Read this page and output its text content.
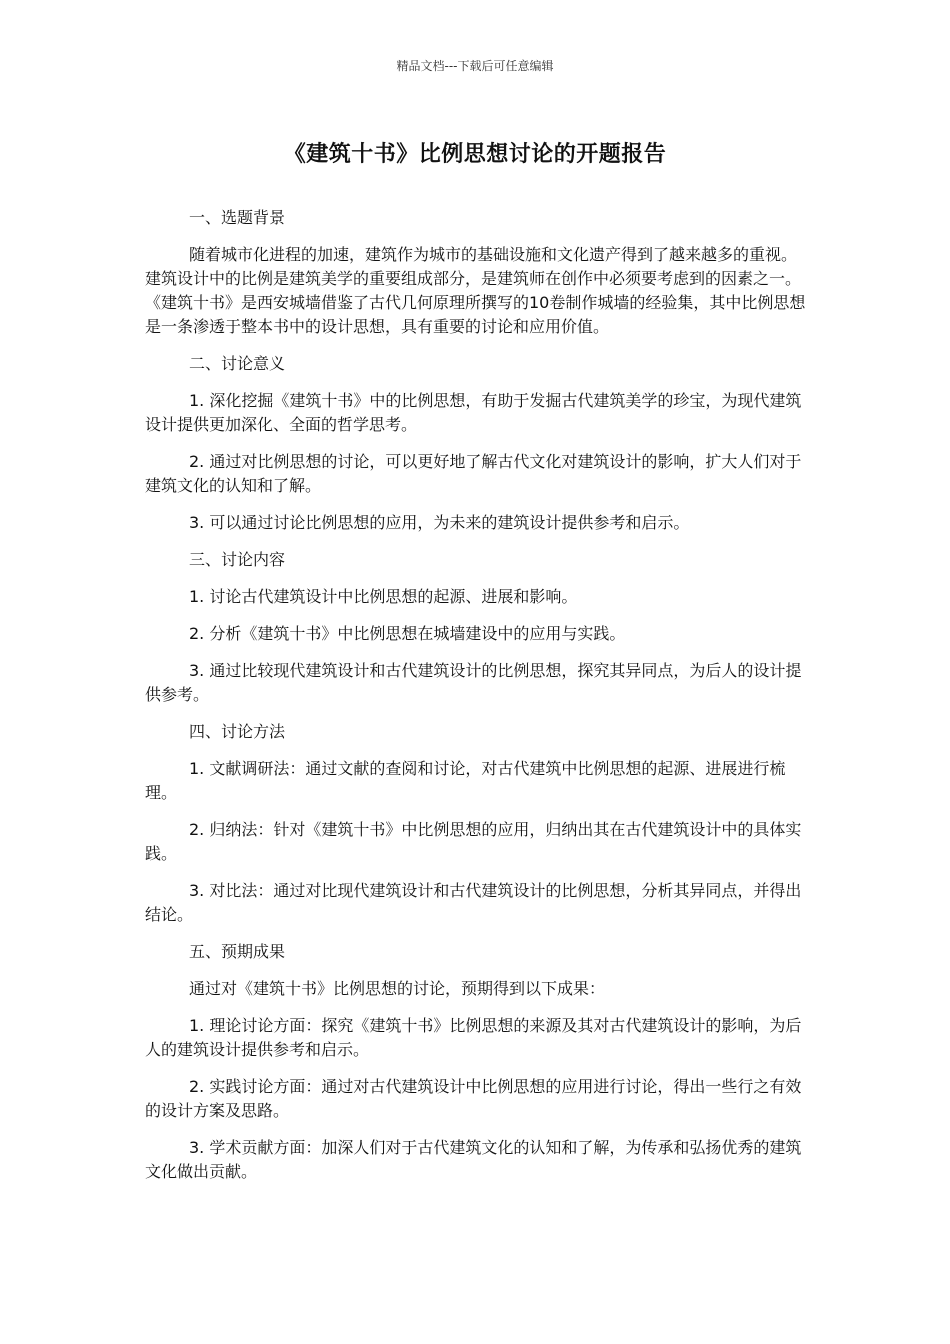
精品文档---下载后可任意编辑
《建筑十书》比例思想讨论的开题报告

一、选题背景

随着城市化进程的加速，建筑作为城市的基础设施和文化遗产得到了越来越多的重视。建筑设计中的比例是建筑美学的重要组成部分，是建筑师在创作中必须要考虑到的因素之一。《建筑十书》是西安城墙借鉴了古代几何原理所撰写的10卷制作城墙的经验集，其中比例思想是一条渗透于整本书中的设计思想，具有重要的讨论和应用价值。

二、讨论意义

1. 深化挖掘《建筑十书》中的比例思想，有助于发掘古代建筑美学的珍宝，为现代建筑设计提供更加深化、全面的哲学思考。

2. 通过对比例思想的讨论，可以更好地了解古代文化对建筑设计的影响，扩大人们对于建筑文化的认知和了解。

3. 可以通过讨论比例思想的应用，为未来的建筑设计提供参考和启示。

三、讨论内容

1. 讨论古代建筑设计中比例思想的起源、进展和影响。

2. 分析《建筑十书》中比例思想在城墙建设中的应用与实践。

3. 通过比较现代建筑设计和古代建筑设计的比例思想，探究其异同点，为后人的设计提供参考。

四、讨论方法

1. 文献调研法：通过文献的查阅和讨论，对古代建筑中比例思想的起源、进展进行梳理。

2. 归纳法：针对《建筑十书》中比例思想的应用，归纳出其在古代建筑设计中的具体实践。

3. 对比法：通过对比现代建筑设计和古代建筑设计的比例思想，分析其异同点，并得出结论。

五、预期成果

通过对《建筑十书》比例思想的讨论，预期得到以下成果：

1. 理论讨论方面：探究《建筑十书》比例思想的来源及其对古代建筑设计的影响，为后人的建筑设计提供参考和启示。

2. 实践讨论方面：通过对古代建筑设计中比例思想的应用进行讨论，得出一些行之有效的设计方案及思路。

3. 学术贡献方面：加深人们对于古代建筑文化的认知和了解，为传承和弘扬优秀的建筑文化做出贡献。
